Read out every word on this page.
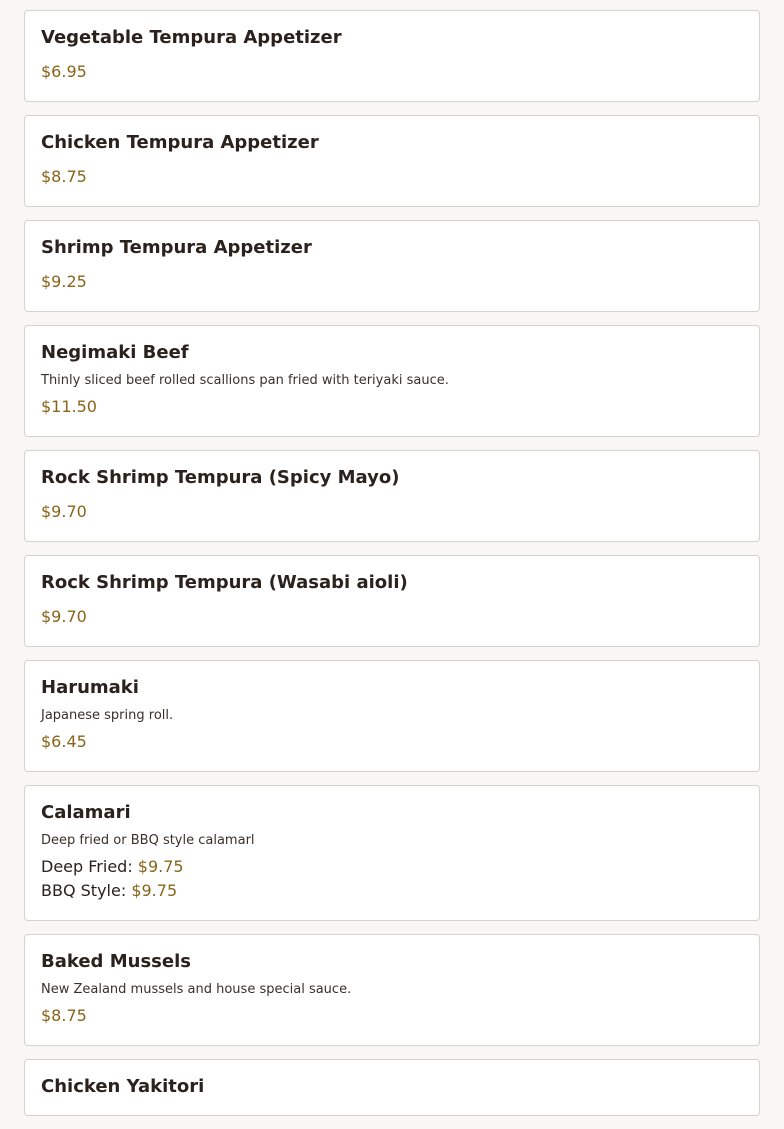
Vegetable Tempura Appetizer
$6.95
Chicken Tempura Appetizer
$8.75
Shrimp Tempura Appetizer
$9.25
Negimaki Beef

Thinly sliced beef rolled scallions pan fried with teriyaki sauce.

$11.50
Rock Shrimp Tempura (Spicy Mayo)
$9.70
Rock Shrimp Tempura (Wasabi aioli)
$9.70
Harumaki

Japanese spring roll.

$6.45
Calamari

Deep fried or BBQ style calamarl

Deep Fried: $9.75
BBQ Style: $9.75
Baked Mussels

New Zealand mussels and house special sauce.

$8.75
Chicken Yakitori
